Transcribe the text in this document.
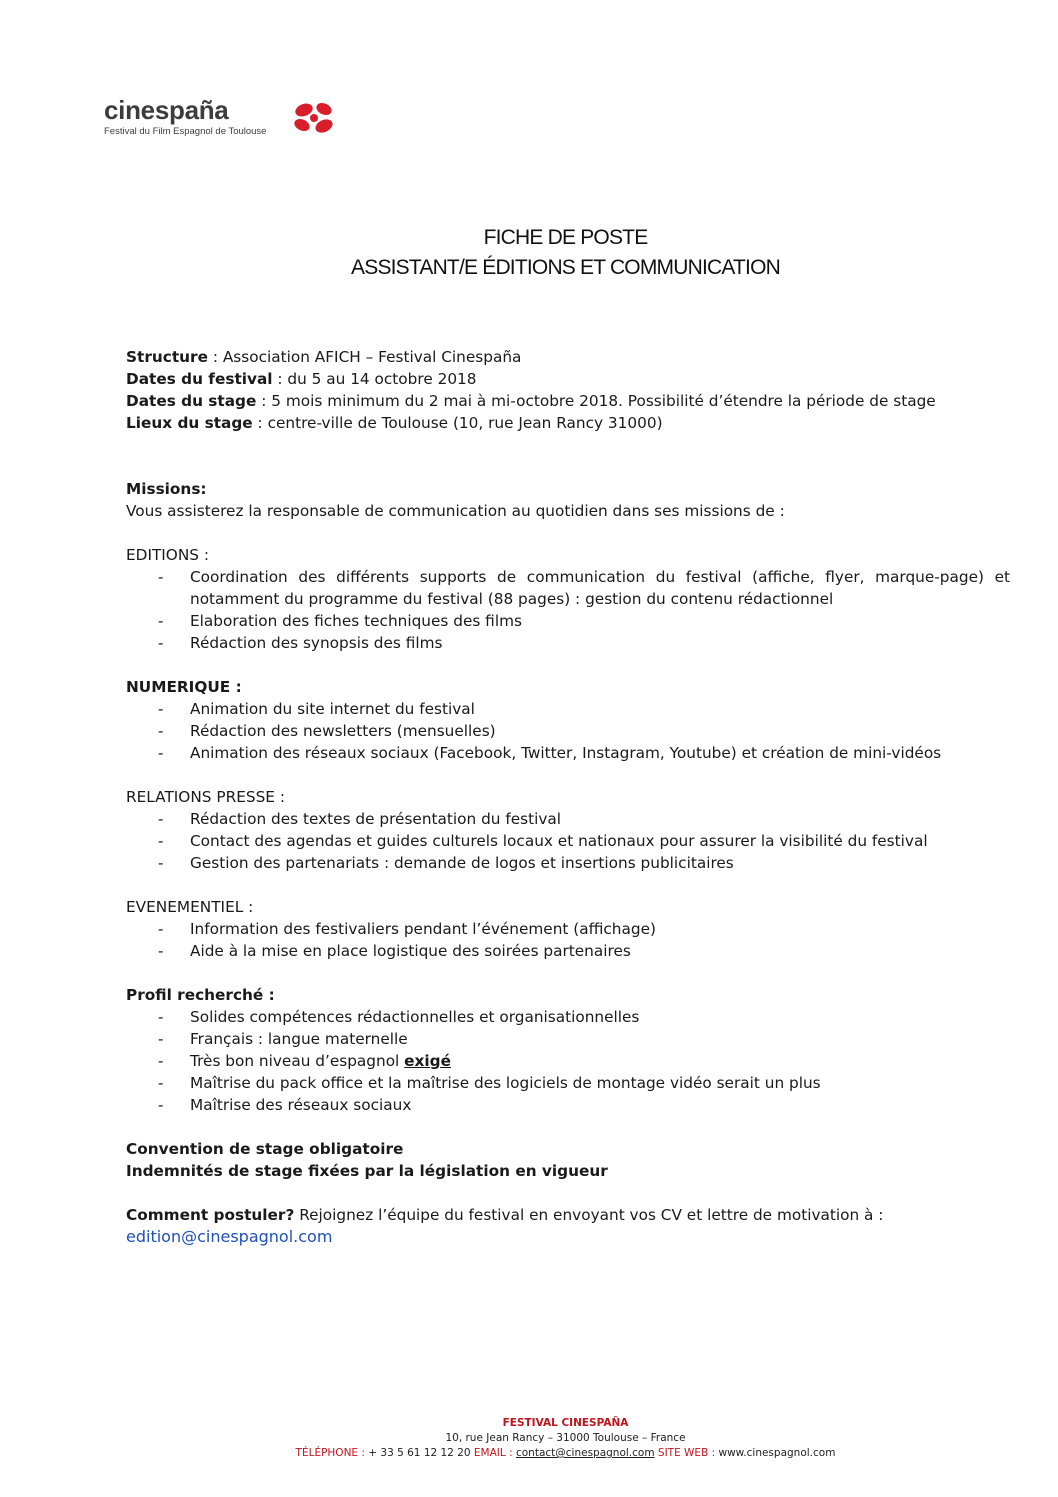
cinespaña
Festival du Film Espagnol de Toulouse
FICHE DE POSTE
ASSISTANT/E ÉDITIONS ET COMMUNICATION

Structure : Association AFICH – Festival Cinespaña

Dates du festival : du 5 au 14 octobre 2018

Dates du stage : 5 mois minimum du 2 mai à mi-octobre 2018. Possibilité d’étendre la période de stage

Lieux du stage : centre-ville de Toulouse (10, rue Jean Rancy 31000)

Missions:

Vous assisterez la responsable de communication au quotidien dans ses missions de :

EDITIONS :

- Coordination des différents supports de communication du festival (affiche, flyer, marque-page) et notamment du programme du festival (88 pages) : gestion du contenu rédactionnel
- Elaboration des fiches techniques des films
- Rédaction des synopsis des films

NUMERIQUE :

- Animation du site internet du festival
- Rédaction des newsletters (mensuelles)
- Animation des réseaux sociaux (Facebook, Twitter, Instagram, Youtube) et création de mini-vidéos

RELATIONS PRESSE :

- Rédaction des textes de présentation du festival
- Contact des agendas et guides culturels locaux et nationaux pour assurer la visibilité du festival
- Gestion des partenariats : demande de logos et insertions publicitaires

EVENEMENTIEL :

- Information des festivaliers pendant l’événement (affichage)
- Aide à la mise en place logistique des soirées partenaires

Profil recherché :

- Solides compétences rédactionnelles et organisationnelles
- Français : langue maternelle
- Très bon niveau d’espagnol exigé
- Maîtrise du pack office et la maîtrise des logiciels de montage vidéo serait un plus
- Maîtrise des réseaux sociaux

Convention de stage obligatoire

Indemnités de stage fixées par la législation en vigueur

Comment postuler? Rejoignez l’équipe du festival en envoyant vos CV et lettre de motivation à :

edition@cinespagnol.com

FESTIVAL CINESPAÑA
10, rue Jean Rancy – 31000 Toulouse – France
TÉLÉPHONE : + 33 5 61 12 12 20 EMAIL : contact@cinespagnol.com SITE WEB : www.cinespagnol.com
